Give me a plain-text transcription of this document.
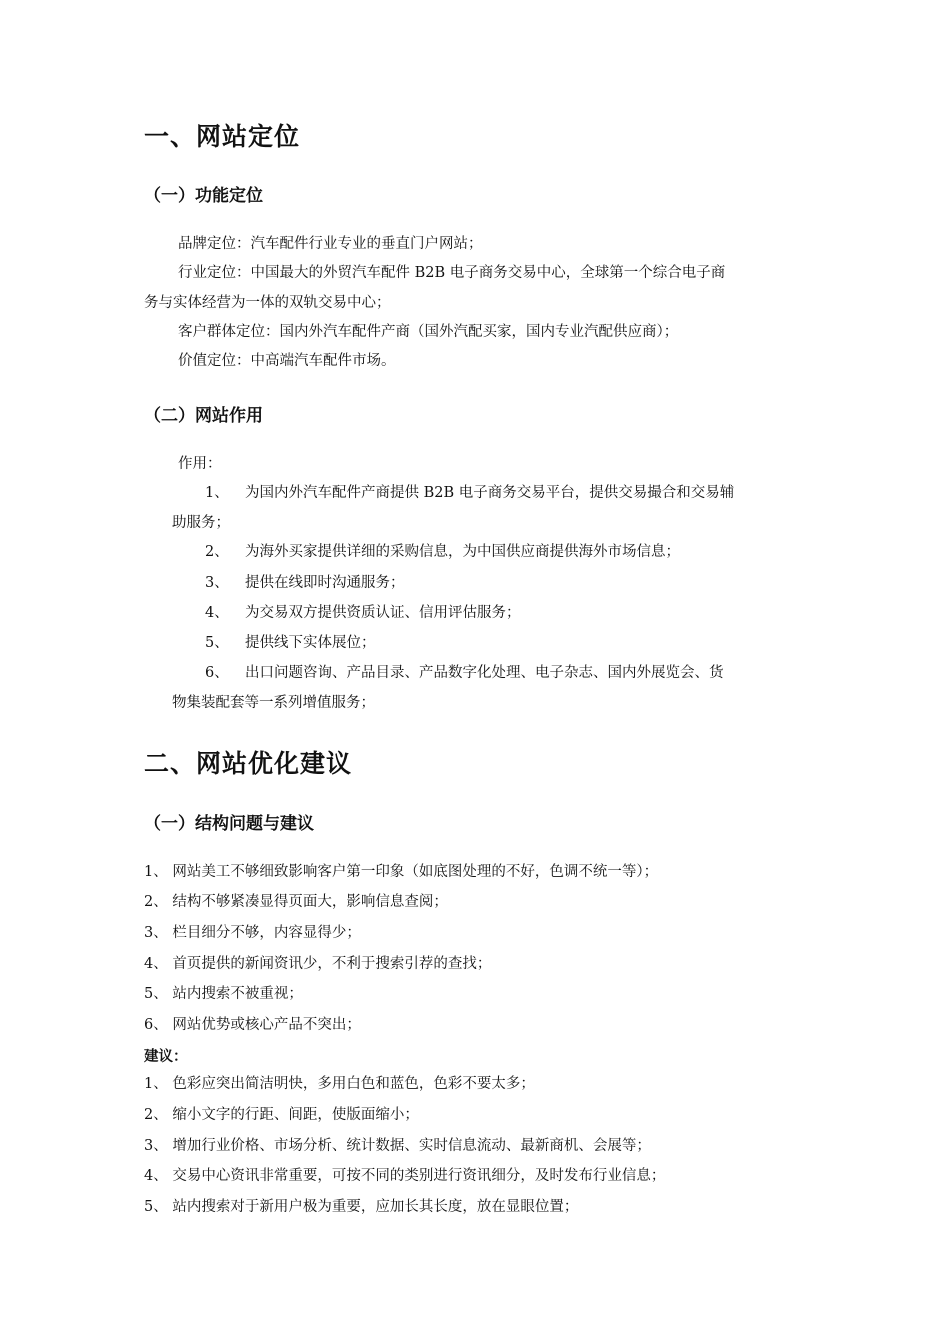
一、网站定位
（一）功能定位
品牌定位：汽车配件行业专业的垂直门户网站；
行业定位：中国最大的外贸汽车配件 B2B 电子商务交易中心，全球第一个综合电子商
务与实体经营为一体的双轨交易中心；
客户群体定位：国内外汽车配件产商（国外汽配买家，国内专业汽配供应商）；
价值定位：中高端汽车配件市场。
（二）网站作用
作用：
1、 为国内外汽车配件产商提供 B2B 电子商务交易平台，提供交易撮合和交易辅
助服务；
2、 为海外买家提供详细的采购信息，为中国供应商提供海外市场信息；
3、 提供在线即时沟通服务；
4、 为交易双方提供资质认证、信用评估服务；
5、 提供线下实体展位；
6、 出口问题咨询、产品目录、产品数字化处理、电子杂志、国内外展览会、货
物集装配套等一系列增值服务；
二、网站优化建议
（一）结构问题与建议
1、 网站美工不够细致影响客户第一印象（如底图处理的不好，色调不统一等）；
2、 结构不够紧凑显得页面大，影响信息查阅；
3、 栏目细分不够，内容显得少；
4、 首页提供的新闻资讯少，不利于搜索引荐的查找；
5、 站内搜索不被重视；
6、 网站优势或核心产品不突出；
建议：
1、 色彩应突出简洁明快，多用白色和蓝色，色彩不要太多；
2、 缩小文字的行距、间距，使版面缩小；
3、 增加行业价格、市场分析、统计数据、实时信息流动、最新商机、会展等；
4、 交易中心资讯非常重要，可按不同的类别进行资讯细分，及时发布行业信息；
5、 站内搜索对于新用户极为重要，应加长其长度，放在显眼位置；
